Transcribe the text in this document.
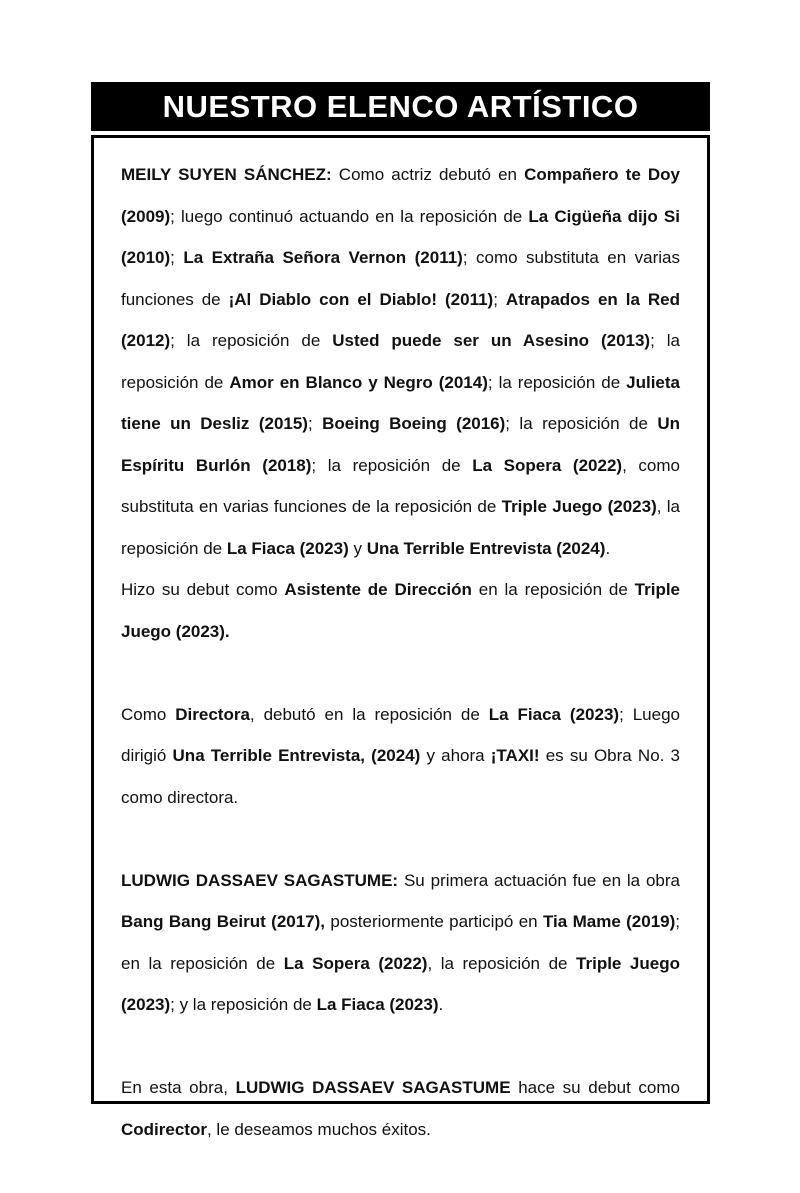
NUESTRO ELENCO ARTÍSTICO

MEILY SUYEN SÁNCHEZ: Como actriz debutó en Compañero te Doy (2009); luego continuó actuando en la reposición de La Cigüeña dijo Si (2010); La Extraña Señora Vernon (2011); como substituta en varias funciones de ¡Al Diablo con el Diablo! (2011); Atrapados en la Red (2012); la reposición de Usted puede ser un Asesino (2013); la reposición de Amor en Blanco y Negro (2014); la reposición de Julieta tiene un Desliz (2015); Boeing Boeing (2016); la reposición de Un Espíritu Burlón (2018); la reposición de La Sopera (2022), como substituta en varias funciones de la reposición de Triple Juego (2023), la reposición de La Fiaca (2023) y Una Terrible Entrevista (2024).

Hizo su debut como Asistente de Dirección en la reposición de Triple Juego (2023).

Como Directora, debutó en la reposición de La Fiaca (2023); Luego dirigió Una Terrible Entrevista, (2024) y ahora ¡TAXI! es su Obra No. 3 como directora.

LUDWIG DASSAEV SAGASTUME: Su primera actuación fue en la obra Bang Bang Beirut (2017), posteriormente participó en Tia Mame (2019); en la reposición de La Sopera (2022), la reposición de Triple Juego (2023); y la reposición de La Fiaca (2023).

En esta obra, LUDWIG DASSAEV SAGASTUME hace su debut como Codirector, le deseamos muchos éxitos.
